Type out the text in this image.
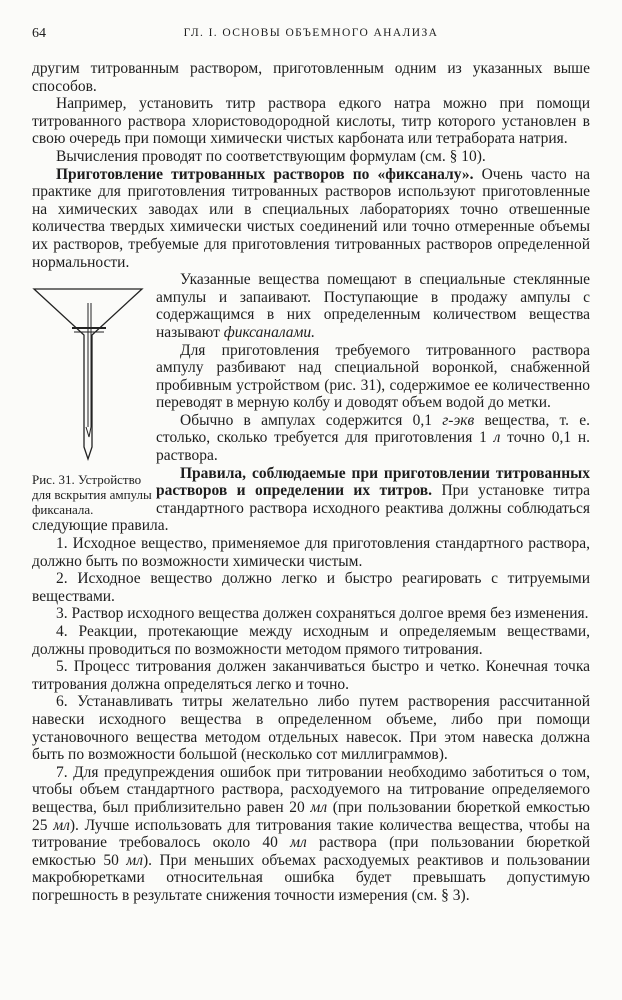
64	ГЛ. I. ОСНОВЫ ОБЪЕМНОГО АНАЛИЗА

другим титрованным раствором, приготовленным одним из указанных выше способов.

Например, установить титр раствора едкого натра можно при помощи титрованного раствора хлористоводородной кислоты, титр которого установлен в свою очередь при помощи химически чистых карбоната или тетрабората натрия.

Вычисления проводят по соответствующим формулам (см. § 10).

Приготовление титрованных растворов по «фиксаналу». Очень часто на практике для приготовления титрованных растворов используют приготовленные на химических заводах или в специальных лабораториях точно отвешенные количества твердых химически чистых соединений или точно отмеренные объемы их растворов, требуемые для приготовления титрованных растворов определенной нормальности.

Рис. 31. Устройство для вскрытия ампулы фиксанала.

Указанные вещества помещают в специальные стеклянные ампулы и запаивают. Поступающие в продажу ампулы с содержащимся в них определенным количеством вещества называют фиксаналами.

Для приготовления требуемого титрованного раствора ампулу разбивают над специальной воронкой, снабженной пробивным устройством (рис. 31), содержимое ее количественно переводят в мерную колбу и доводят объем водой до метки.

Обычно в ампулах содержится 0,1 г-экв вещества, т. е. столько, сколько требуется для приготовления 1 л точно 0,1 н. раствора.

Правила, соблюдаемые при приготовлении титрованных растворов и определении их титров. При установке титра стандартного раствора исходного реактива должны соблюдаться следующие правила.

1. Исходное вещество, применяемое для приготовления стандартного раствора, должно быть по возможности химически чистым.

2. Исходное вещество должно легко и быстро реагировать с титруемыми веществами.

3. Раствор исходного вещества должен сохраняться долгое время без изменения.

4. Реакции, протекающие между исходным и определяемым веществами, должны проводиться по возможности методом прямого титрования.

5. Процесс титрования должен заканчиваться быстро и четко. Конечная точка титрования должна определяться легко и точно.

6. Устанавливать титры желательно либо путем растворения рассчитанной навески исходного вещества в определенном объеме, либо при помощи установочного вещества методом отдельных навесок. При этом навеска должна быть по возможности большой (несколько сот миллиграммов).

7. Для предупреждения ошибок при титровании необходимо заботиться о том, чтобы объем стандартного раствора, расходуемого на титрование определяемого вещества, был приблизительно равен 20 мл (при пользовании бюреткой емкостью 25 мл). Лучше использовать для титрования такие количества вещества, чтобы на титрование требовалось около 40 мл раствора (при пользовании бюреткой емкостью 50 мл). При меньших объемах расходуемых реактивов и пользовании макробюретками относительная ошибка будет превышать допустимую погрешность в результате снижения точности измерения (см. § 3).
